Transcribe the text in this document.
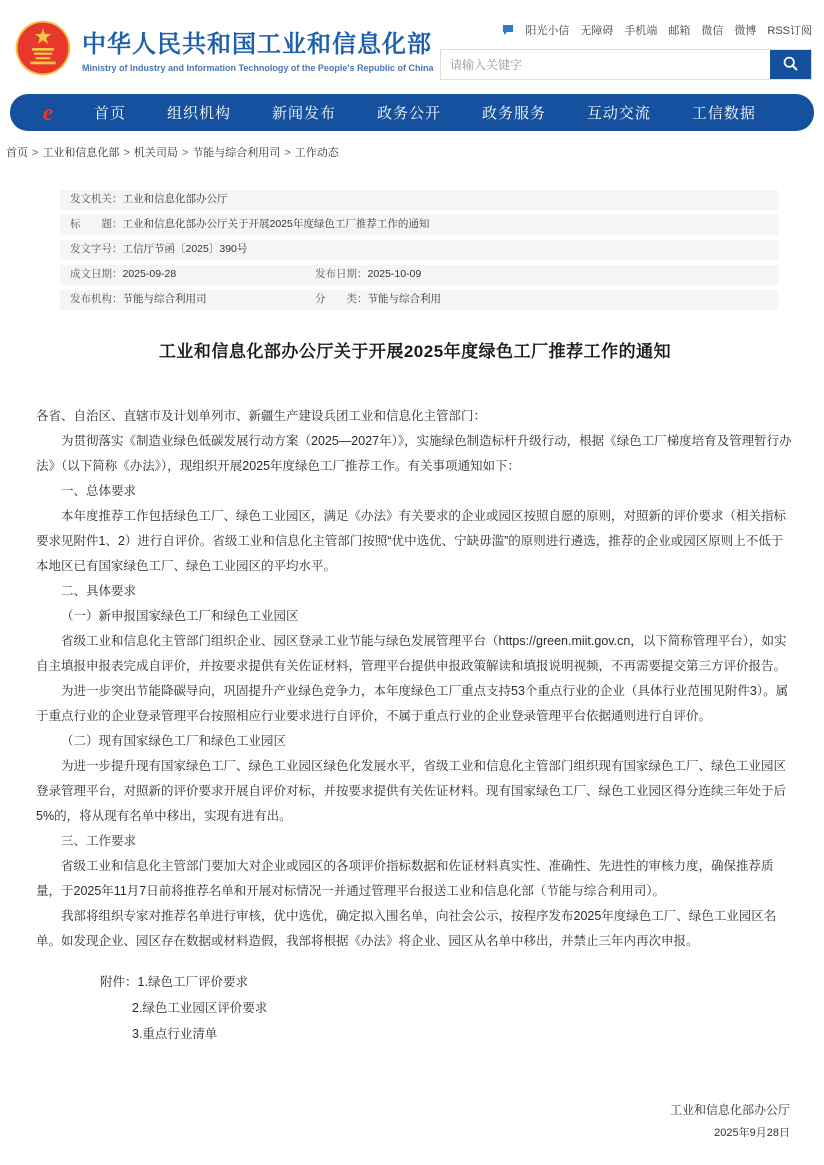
中华人民共和国工业和信息化部
Ministry of Industry and Information Technology of the People's Republic of China
阳光小信 无障碍 手机端 邮箱 微信 微博 RSS订阅
请输入关键字
e	首页	组织机构	新闻发布	政务公开	政务服务	互动交流	工信数据
首页 > 工业和信息化部 > 机关司局 > 节能与综合利用司 > 工作动态
发文机关：工业和信息化部办公厅
标　　题：工业和信息化部办公厅关于开展2025年度绿色工厂推荐工作的通知
发文字号：工信厅节函〔2025〕390号
成文日期：2025-09-28	发布日期：2025-10-09
发布机构：节能与综合利用司	分　　类：节能与综合利用
工业和信息化部办公厅关于开展2025年度绿色工厂推荐工作的通知

各省、自治区、直辖市及计划单列市、新疆生产建设兵团工业和信息化主管部门：

为贯彻落实《制造业绿色低碳发展行动方案（2025—2027年）》，实施绿色制造标杆升级行动，根据《绿色工厂梯度培育及管理暂行办法》（以下简称《办法》），现组织开展2025年度绿色工厂推荐工作。有关事项通知如下：

一、总体要求

本年度推荐工作包括绿色工厂、绿色工业园区，满足《办法》有关要求的企业或园区按照自愿的原则，对照新的评价要求（相关指标要求见附件1、2）进行自评价。省级工业和信息化主管部门按照“优中选优、宁缺毋滥”的原则进行遴选，推荐的企业或园区原则上不低于本地区已有国家绿色工厂、绿色工业园区的平均水平。

二、具体要求

（一）新申报国家绿色工厂和绿色工业园区

省级工业和信息化主管部门组织企业、园区登录工业节能与绿色发展管理平台（https://green.miit.gov.cn，以下简称管理平台），如实自主填报申报表完成自评价，并按要求提供有关佐证材料，管理平台提供申报政策解读和填报说明视频，不再需要提交第三方评价报告。

为进一步突出节能降碳导向，巩固提升产业绿色竞争力，本年度绿色工厂重点支持53个重点行业的企业（具体行业范围见附件3）。属于重点行业的企业登录管理平台按照相应行业要求进行自评价，不属于重点行业的企业登录管理平台依据通则进行自评价。

（二）现有国家绿色工厂和绿色工业园区

为进一步提升现有国家绿色工厂、绿色工业园区绿色化发展水平，省级工业和信息化主管部门组织现有国家绿色工厂、绿色工业园区登录管理平台，对照新的评价要求开展自评价对标，并按要求提供有关佐证材料。现有国家绿色工厂、绿色工业园区得分连续三年处于后5%的，将从现有名单中移出，实现有进有出。

三、工作要求

省级工业和信息化主管部门要加大对企业或园区的各项评价指标数据和佐证材料真实性、准确性、先进性的审核力度，确保推荐质量，于2025年11月7日前将推荐名单和开展对标情况一并通过管理平台报送工业和信息化部（节能与综合利用司）。

我部将组织专家对推荐名单进行审核，优中选优，确定拟入围名单，向社会公示，按程序发布2025年度绿色工厂、绿色工业园区名单。如发现企业、园区存在数据或材料造假，我部将根据《办法》将企业、园区从名单中移出，并禁止三年内再次申报。

附件：1.绿色工厂评价要求
2.绿色工业园区评价要求
3.重点行业清单
工业和信息化部办公厅
2025年9月28日
